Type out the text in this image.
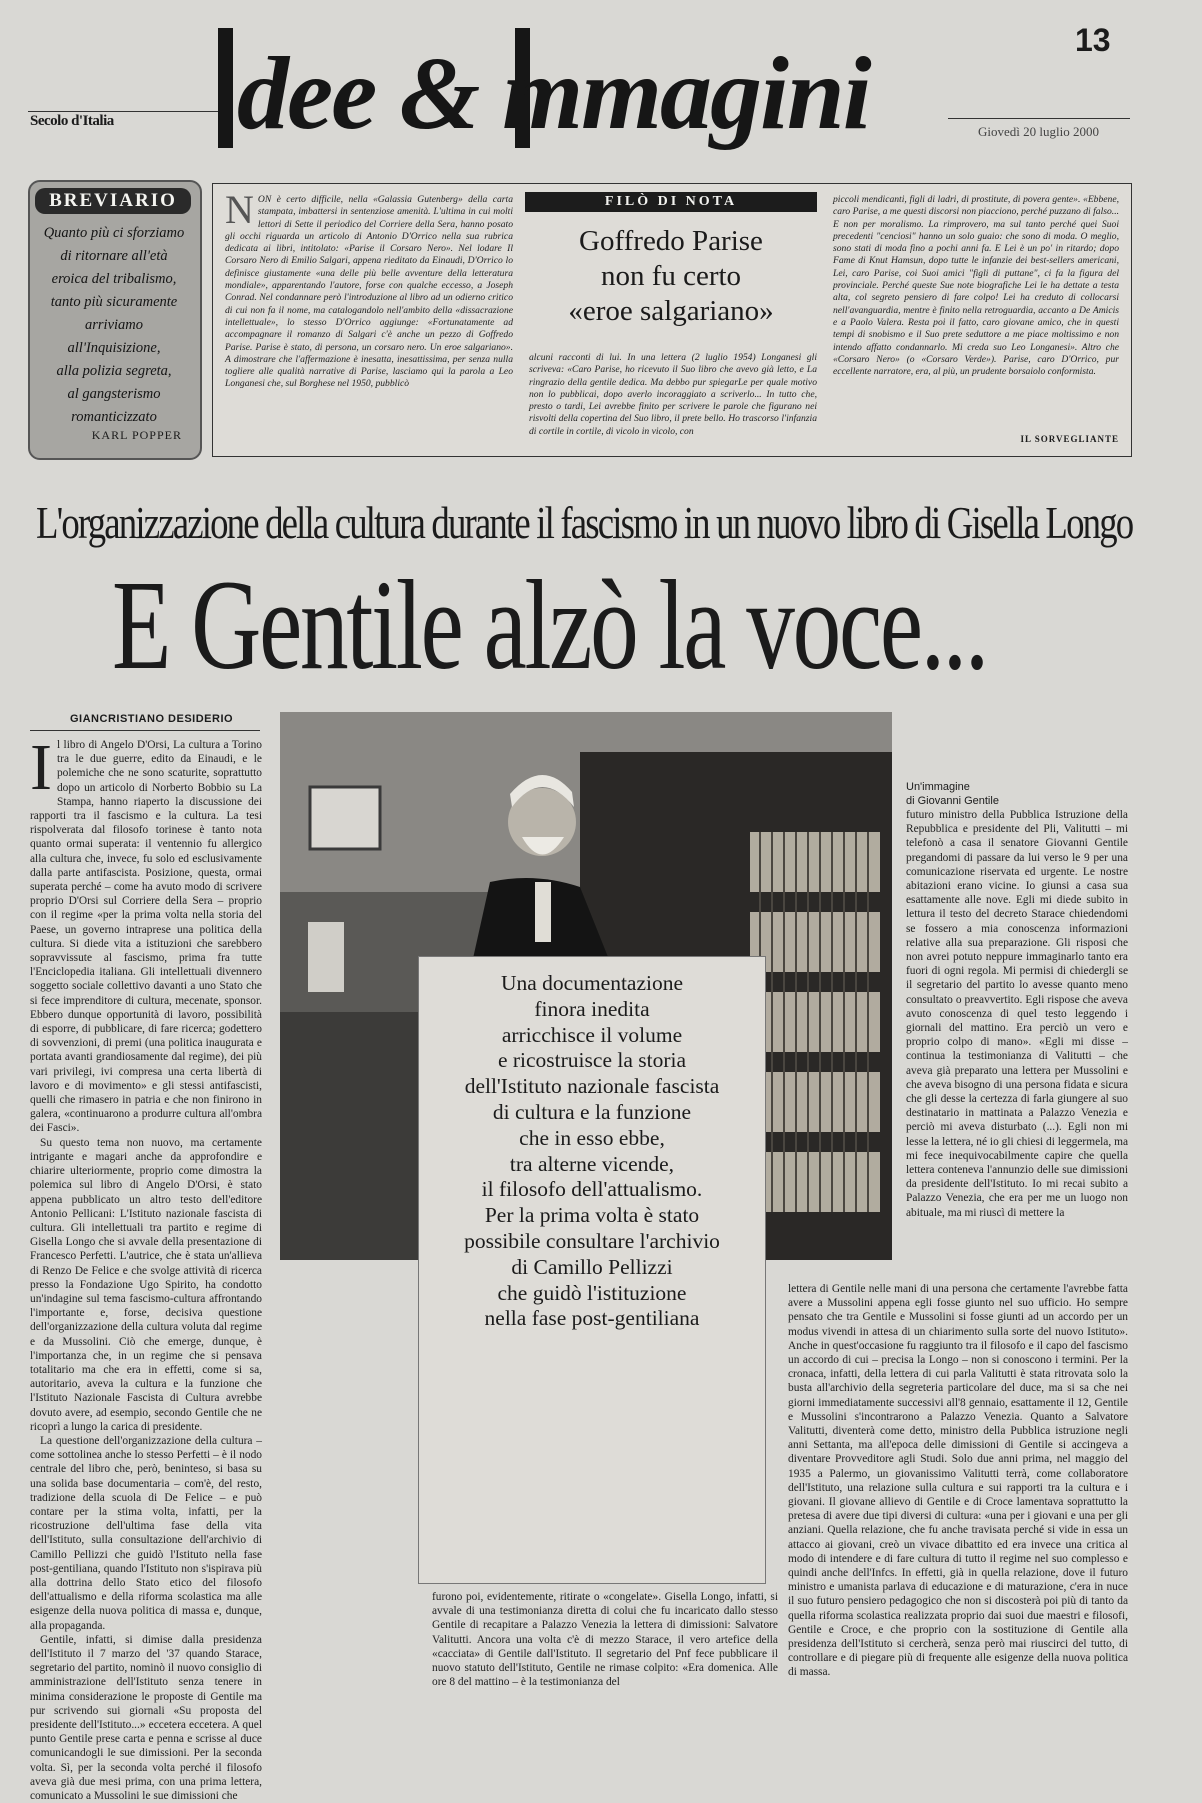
13
Secolo d'Italia dee & mmagini	Giovedì 20 luglio 2000
BREVIARIO
Quanto più ci sforziamo
di ritornare all'età
eroica del tribalismo,
tanto più sicuramente
arriviamo
all'Inquisizione,
alla polizia segreta,
al gangsterismo
romanticizzato
KARL POPPER
NON è certo difficile, nella «Galassia Gutenberg» della carta stampata, imbattersi in sentenziose amenità. L'ultima in cui molti lettori di Sette il periodico del Corriere della Sera, hanno posato gli occhi riguarda un articolo di Antonio D'Orrico nella sua rubrica dedicata ai libri, intitolato: «Parise il Corsaro Nero». Nel lodare Il Corsaro Nero di Emilio Salgari, appena rieditato da Einaudi, D'Orrico lo definisce giustamente «una delle più belle avventure della letteratura mondiale», apparentando l'autore, forse con qualche eccesso, a Joseph Conrad. Nel condannare però l'introduzione al libro ad un odierno critico di cui non fa il nome, ma catalogandolo nell'ambito della «dissacrazione intellettuale», lo stesso D'Orrico aggiunge: «Fortunatamente ad accompagnare il romanzo di Salgari c'è anche un pezzo di Goffredo Parise. Parise è stato, di persona, un corsaro nero. Un eroe salgariano». A dimostrare che l'affermazione è inesatta, inesattissima, per senza nulla togliere alle qualità narrative di Parise, lasciamo qui la parola a Leo Longanesi che, sul Borghese nel 1950, pubblicò
FILÒ DI NOTA
Goffredo Parise
non fu certo
«eroe salgariano»
alcuni racconti di lui. In una lettera (2 luglio 1954) Longanesi gli scriveva: «Caro Parise, ho ricevuto il Suo libro che avevo già letto, e La ringrazio della gentile dedica. Ma debbo pur spiegarLe per quale motivo non lo pubblicai, dopo averlo incoraggiato a scriverlo... In tutto che, presto o tardi, Lei avrebbe finito per scrivere le parole che figurano nei risvolti della copertina del Suo libro, il prete bello. Ho trascorso l'infanzia di cortile in cortile, di vicolo in vicolo, con
piccoli mendicanti, figli di ladri, di prostitute, di povera gente». «Ebbene, caro Parise, a me questi discorsi non piacciono, perché puzzano di falso... E non per moralismo. La rimprovero, ma sul tanto perché quei Suoi precedenti "cenciosi" hanno un solo guaio: che sono di moda. O meglio, sono stati di moda fino a pochi anni fa. E Lei è un po' in ritardo; dopo Fame di Knut Hamsun, dopo tutte le infanzie dei best-sellers americani, Lei, caro Parise, coi Suoi amici "figli di puttane", ci fa la figura del provinciale. Perché queste Sue note biografiche Lei le ha dettate a testa alta, col segreto pensiero di fare colpo! Lei ha creduto di collocarsi nell'avanguardia, mentre è finito nella retroguardia, accanto a De Amicis e a Paolo Valera. Resta poi il fatto, caro giovane amico, che in questi tempi di snobismo e il Suo prete seduttore a me piace moltissimo e non intendo affatto condannarlo. Mi creda suo Leo Longanesi». Altro che «Corsaro Nero» (o «Corsaro Verde»). Parise, caro D'Orrico, pur eccellente narratore, era, al più, un prudente borsaiolo conformista.
IL SORVEGLIANTE
L'organizzazione della cultura durante il fascismo in un nuovo libro di Gisella Longo
E Gentile alzò la voce...
GIANCRISTIANO DESIDERIO

Il libro di Angelo D'Orsi, La cultura a Torino tra le due guerre, edito da Einaudi, e le polemiche che ne sono scaturite, soprattutto dopo un articolo di Norberto Bobbio su La Stampa, hanno riaperto la discussione dei rapporti tra il fascismo e la cultura. La tesi rispolverata dal filosofo torinese è tanto nota quanto ormai superata: il ventennio fu allergico alla cultura che, invece, fu solo ed esclusivamente dalla parte antifascista. Posizione, questa, ormai superata perché – come ha avuto modo di scrivere proprio D'Orsi sul Corriere della Sera – proprio con il regime «per la prima volta nella storia del Paese, un governo intraprese una politica della cultura. Si diede vita a istituzioni che sarebbero sopravvissute al fascismo, prima fra tutte l'Enciclopedia italiana. Gli intellettuali divennero soggetto sociale collettivo davanti a uno Stato che si fece imprenditore di cultura, mecenate, sponsor. Ebbero dunque opportunità di lavoro, possibilità di esporre, di pubblicare, di fare ricerca; godettero di sovvenzioni, di premi (una politica inaugurata e portata avanti grandiosamente dal regime), dei più vari privilegi, ivi compresa una certa libertà di lavoro e di movimento» e gli stessi antifascisti, quelli che rimasero in patria e che non finirono in galera, «continuarono a produrre cultura all'ombra dei Fasci».

Su questo tema non nuovo, ma certamente intrigante e magari anche da approfondire e chiarire ulteriormente, proprio come dimostra la polemica sul libro di Angelo D'Orsi, è stato appena pubblicato un altro testo dell'editore Antonio Pellicani: L'Istituto nazionale fascista di cultura. Gli intellettuali tra partito e regime di Gisella Longo che si avvale della presentazione di Francesco Perfetti. L'autrice, che è stata un'allieva di Renzo De Felice e che svolge attività di ricerca presso la Fondazione Ugo Spirito, ha condotto un'indagine sul tema fascismo-cultura affrontando l'importante e, forse, decisiva questione dell'organizzazione della cultura voluta dal regime e da Mussolini. Ciò che emerge, dunque, è l'importanza che, in un regime che si pensava totalitario ma che era in effetti, come si sa, autoritario, aveva la cultura e la funzione che l'Istituto Nazionale Fascista di Cultura avrebbe dovuto avere, ad esempio, secondo Gentile che ne ricoprì a lungo la carica di presidente.

La questione dell'organizzazione della cultura – come sottolinea anche lo stesso Perfetti – è il nodo centrale del libro che, però, beninteso, si basa su una solida base documentaria – com'è, del resto, tradizione della scuola di De Felice – e può contare per la stima volta, infatti, per la ricostruzione dell'ultima fase della vita dell'Istituto, sulla consultazione dell'archivio di Camillo Pellizzi che guidò l'Istituto nella fase post-gentiliana, quando l'Istituto non s'ispirava più alla dottrina dello Stato etico del filosofo dell'attualismo e della riforma scolastica ma alle esigenze della nuova politica di massa e, dunque, alla propaganda.

Gentile, infatti, si dimise dalla presidenza dell'Istituto il 7 marzo del '37 quando Starace, segretario del partito, nominò il nuovo consiglio di amministrazione dell'Istituto senza tenere in minima considerazione le proposte di Gentile ma pur scrivendo sui giornali «Su proposta del presidente dell'Istituto...» eccetera eccetera. A quel punto Gentile prese carta e penna e scrisse al duce comunicandogli le sue dimissioni. Per la seconda volta. Sì, per la seconda volta perché il filosofo aveva già due mesi prima, con una prima lettera, comunicato a Mussolini le sue dimissioni che

Un'immagine
di Giovanni Gentile
futuro ministro della Pubblica Istruzione della Repubblica e presidente del Pli, Valitutti – mi telefonò a casa il senatore Giovanni Gentile pregandomi di passare da lui verso le 9 per una comunicazione riservata ed urgente. Le nostre abitazioni erano vicine. Io giunsi a casa sua esattamente alle nove. Egli mi diede subito in lettura il testo del decreto Starace chiedendomi se fossero a mia conoscenza informazioni relative alla sua preparazione. Gli risposi che non avrei potuto neppure immaginarlo tanto era fuori di ogni regola. Mi permisi di chiedergli se il segretario del partito lo avesse quanto meno consultato o preavvertito. Egli rispose che aveva avuto conoscenza di quel testo leggendo i giornali del mattino. Era perciò un vero e proprio colpo di mano». «Egli mi disse – continua la testimonianza di Valitutti – che aveva già preparato una lettera per Mussolini e che aveva bisogno di una persona fidata e sicura che gli desse la certezza di farla giungere al suo destinatario in mattinata a Palazzo Venezia e perciò mi aveva disturbato (...). Egli non mi lesse la lettera, né io gli chiesi di leggermela, ma mi fece inequivocabilmente capire che quella lettera conteneva l'annunzio delle sue dimissioni da presidente dell'Istituto. Io mi recai subito a Palazzo Venezia, che era per me un luogo non abituale, ma mi riuscì di mettere la
Una documentazione
finora inedita
arricchisce il volume
e ricostruisce la storia
dell'Istituto nazionale fascista
di cultura e la funzione
che in esso ebbe,
tra alterne vicende,
il filosofo dell'attualismo.
Per la prima volta è stato
possibile consultare l'archivio
di Camillo Pellizzi
che guidò l'istituzione
nella fase post-gentiliana
furono poi, evidentemente, ritirate o «congelate». Gisella Longo, infatti, si avvale di una testimonianza diretta di colui che fu incaricato dallo stesso Gentile di recapitare a Palazzo Venezia la lettera di dimissioni: Salvatore Valitutti. Ancora una volta c'è di mezzo Starace, il vero artefice della «cacciata» di Gentile dall'Istituto. Il segretario del Pnf fece pubblicare il nuovo statuto dell'Istituto, Gentile ne rimase colpito: «Era domenica. Alle ore 8 del mattino – è la testimonianza del
lettera di Gentile nelle mani di una persona che certamente l'avrebbe fatta avere a Mussolini appena egli fosse giunto nel suo ufficio. Ho sempre pensato che tra Gentile e Mussolini si fosse giunti ad un accordo per un modus vivendi in attesa di un chiarimento sulla sorte del nuovo Istituto». Anche in quest'occasione fu raggiunto tra il filosofo e il capo del fascismo un accordo di cui – precisa la Longo – non si conoscono i termini. Per la cronaca, infatti, della lettera di cui parla Valitutti è stata ritrovata solo la busta all'archivio della segreteria particolare del duce, ma si sa che nei giorni immediatamente successivi all'8 gennaio, esattamente il 12, Gentile e Mussolini s'incontrarono a Palazzo Venezia. Quanto a Salvatore Valitutti, diventerà come detto, ministro della Pubblica istruzione negli anni Settanta, ma all'epoca delle dimissioni di Gentile si accingeva a diventare Provveditore agli Studi. Solo due anni prima, nel maggio del 1935 a Palermo, un giovanissimo Valitutti terrà, come collaboratore dell'Istituto, una relazione sulla cultura e sui rapporti tra la cultura e i giovani. Il giovane allievo di Gentile e di Croce lamentava soprattutto la pretesa di avere due tipi diversi di cultura: «una per i giovani e una per gli anziani. Quella relazione, che fu anche travisata perché si vide in essa un attacco ai giovani, creò un vivace dibattito ed era invece una critica al modo di intendere e di fare cultura di tutto il regime nel suo complesso e quindi anche dell'Infcs. In effetti, già in quella relazione, dove il futuro ministro e umanista parlava di educazione e di maturazione, c'era in nuce il suo futuro pensiero pedagogico che non si discosterà poi più di tanto da quella riforma scolastica realizzata proprio dai suoi due maestri e filosofi, Gentile e Croce, e che proprio con la sostituzione di Gentile alla presidenza dell'Istituto si cercherà, senza però mai riuscirci del tutto, di controllare e di piegare più di frequente alle esigenze della nuova politica di massa.
